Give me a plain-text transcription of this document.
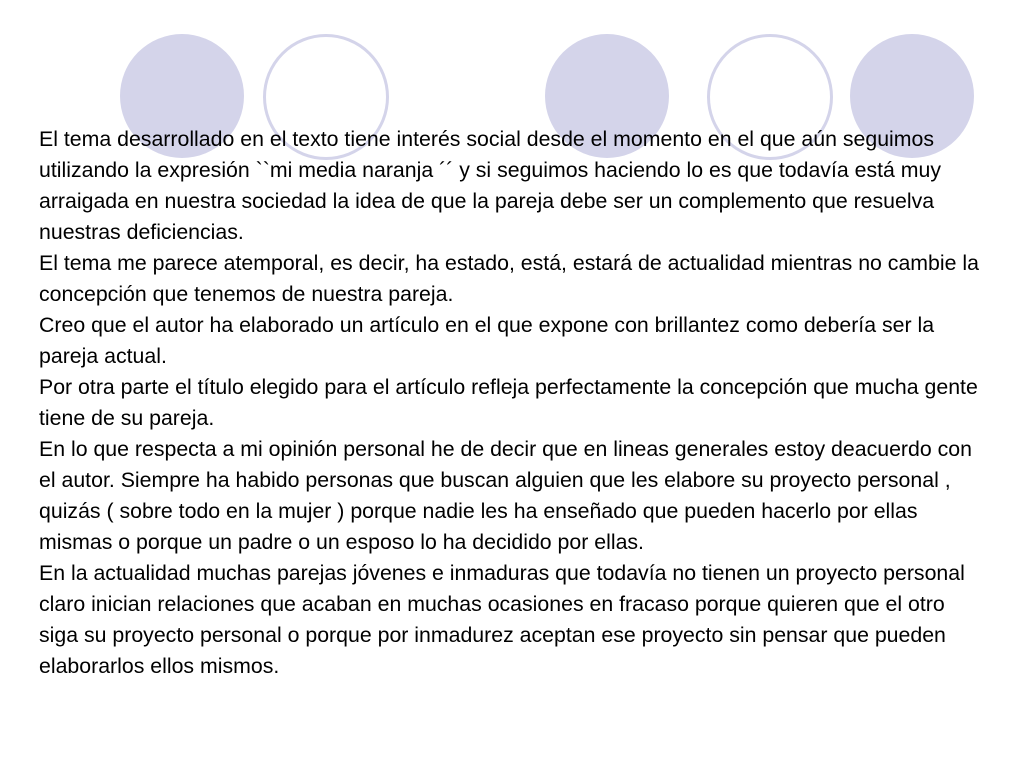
El tema desarrollado en el texto tiene interés social desde el momento en el que aún seguimos utilizando la expresión ``mi media naranja ´´ y si seguimos haciendo lo es que todavía está muy arraigada en nuestra sociedad la idea de que la pareja debe ser un complemento que resuelva nuestras deficiencias.

El tema me parece atemporal, es decir, ha estado, está, estará de actualidad mientras no cambie la concepción que tenemos de nuestra pareja.

Creo que el autor ha elaborado un artículo en el que expone con brillantez como debería ser la pareja actual.

Por otra parte el título elegido para el artículo refleja perfectamente la concepción que mucha gente tiene de su pareja.

En lo que respecta a mi opinión personal he de decir que en lineas generales estoy deacuerdo con el autor. Siempre ha habido personas que buscan alguien que les elabore su proyecto personal , quizás ( sobre todo en la mujer ) porque nadie les ha enseñado que pueden hacerlo por ellas mismas o porque un padre o un esposo lo ha decidido por ellas.

En la actualidad muchas parejas jóvenes e inmaduras que todavía no tienen un proyecto personal claro inician relaciones que acaban en muchas ocasiones en fracaso porque quieren que el otro siga su proyecto personal o porque por inmadurez aceptan ese proyecto sin pensar que pueden elaborarlos ellos mismos.
